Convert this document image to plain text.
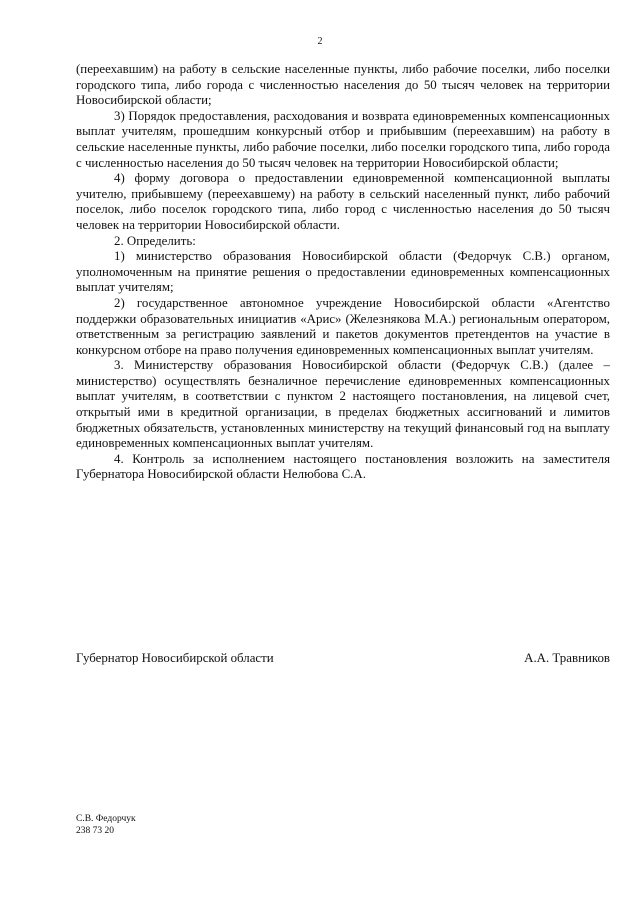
2

(переехавшим) на работу в сельские населенные пункты, либо рабочие поселки, либо поселки городского типа, либо города с численностью населения до 50 тысяч человек на территории Новосибирской области;

3) Порядок предоставления, расходования и возврата единовременных компенсационных выплат учителям, прошедшим конкурсный отбор и прибывшим (переехавшим) на работу в сельские населенные пункты, либо рабочие поселки, либо поселки городского типа, либо города с численностью населения до 50 тысяч человек на территории Новосибирской области;

4) форму договора о предоставлении единовременной компенсационной выплаты учителю, прибывшему (переехавшему) на работу в сельский населенный пункт, либо рабочий поселок, либо поселок городского типа, либо город с численностью населения до 50 тысяч человек на территории Новосибирской области.

2. Определить:

1) министерство образования Новосибирской области (Федорчук С.В.) органом, уполномоченным на принятие решения о предоставлении единовременных компенсационных выплат учителям;

2) государственное автономное учреждение Новосибирской области «Агентство поддержки образовательных инициатив «Арис» (Железнякова М.А.) региональным оператором, ответственным за регистрацию заявлений и пакетов документов претендентов на участие в конкурсном отборе на право получения единовременных компенсационных выплат учителям.

3. Министерству образования Новосибирской области (Федорчук С.В.) (далее – министерство) осуществлять безналичное перечисление единовременных компенсационных выплат учителям, в соответствии с пунктом 2 настоящего постановления, на лицевой счет, открытый ими в кредитной организации, в пределах бюджетных ассигнований и лимитов бюджетных обязательств, установленных министерству на текущий финансовый год на выплату единовременных компенсационных выплат учителям.

4. Контроль за исполнением настоящего постановления возложить на заместителя Губернатора Новосибирской области Нелюбова С.А.

Губернатор Новосибирской области	А.А. Травников
С.В. Федорчук
238 73 20
